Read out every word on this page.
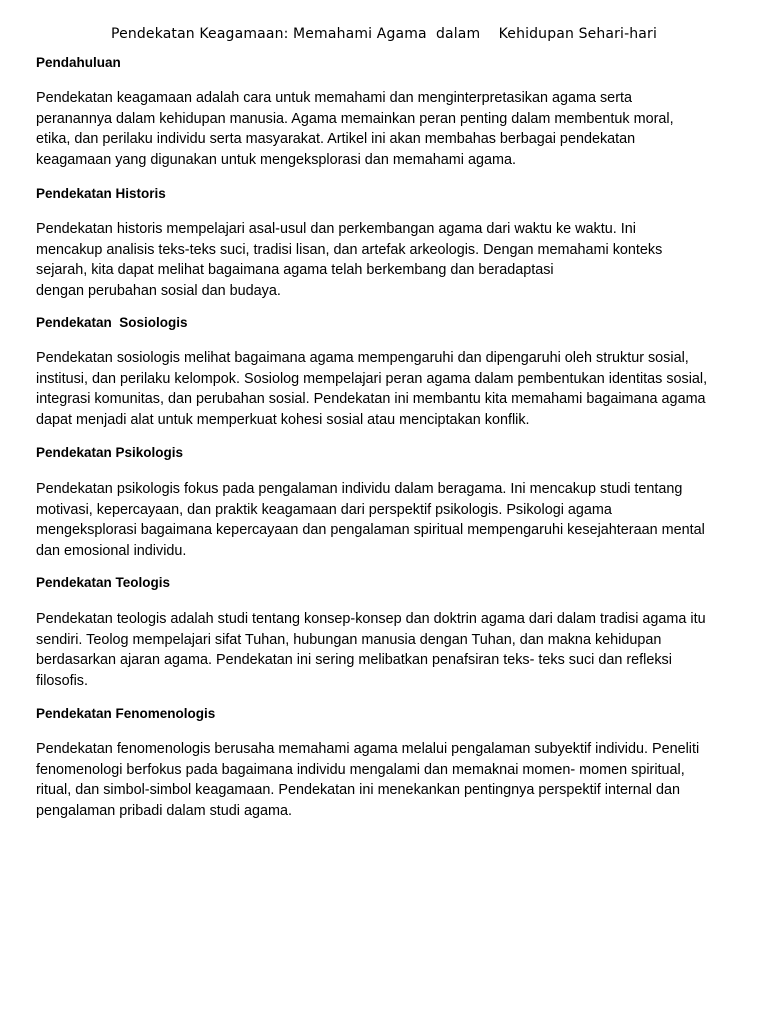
Pendekatan Keagamaan: Memahami Agama  dalam    Kehidupan Sehari-hari
Pendahuluan

Pendekatan keagamaan adalah cara untuk memahami dan menginterpretasikan agama serta
peranannya dalam kehidupan manusia. Agama memainkan peran penting dalam membentuk moral,
etika, dan perilaku individu serta masyarakat. Artikel ini akan membahas berbagai pendekatan
keagamaan yang digunakan untuk mengeksplorasi dan memahami agama.

Pendekatan Historis

Pendekatan historis mempelajari asal-usul dan perkembangan agama dari waktu ke waktu. Ini
mencakup analisis teks-teks suci, tradisi lisan, dan artefak arkeologis. Dengan memahami konteks
sejarah, kita dapat melihat bagaimana agama telah berkembang dan beradaptasi
dengan perubahan sosial dan budaya.

Pendekatan  Sosiologis

Pendekatan sosiologis melihat bagaimana agama mempengaruhi dan dipengaruhi oleh struktur sosial,
institusi, dan perilaku kelompok. Sosiolog mempelajari peran agama dalam pembentukan identitas sosial,
integrasi komunitas, dan perubahan sosial. Pendekatan ini membantu kita memahami bagaimana agama
dapat menjadi alat untuk memperkuat kohesi sosial atau menciptakan konflik.

Pendekatan Psikologis

Pendekatan psikologis fokus pada pengalaman individu dalam beragama. Ini mencakup studi tentang
motivasi, kepercayaan, dan praktik keagamaan dari perspektif psikologis. Psikologi agama
mengeksplorasi bagaimana kepercayaan dan pengalaman spiritual mempengaruhi kesejahteraan mental
dan emosional individu.

Pendekatan Teologis

Pendekatan teologis adalah studi tentang konsep-konsep dan doktrin agama dari dalam tradisi agama itu
sendiri. Teolog mempelajari sifat Tuhan, hubungan manusia dengan Tuhan, dan makna kehidupan
berdasarkan ajaran agama. Pendekatan ini sering melibatkan penafsiran teks- teks suci dan refleksi
filosofis.

Pendekatan Fenomenologis

Pendekatan fenomenologis berusaha memahami agama melalui pengalaman subyektif individu. Peneliti
fenomenologi berfokus pada bagaimana individu mengalami dan memaknai momen- momen spiritual,
ritual, dan simbol-simbol keagamaan. Pendekatan ini menekankan pentingnya perspektif internal dan
pengalaman pribadi dalam studi agama.
